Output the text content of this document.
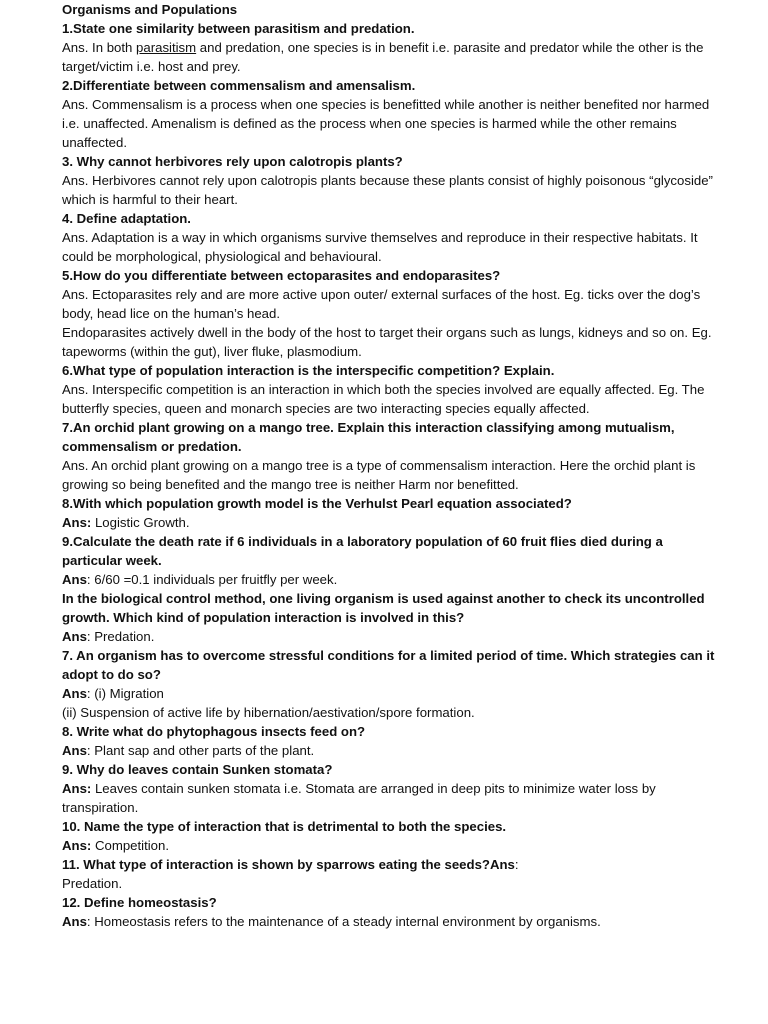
Organisms and Populations

1.State one similarity between parasitism and predation.

Ans. In both parasitism and predation, one species is in benefit i.e. parasite and predator while the other is the target/victim i.e. host and prey.

2.Differentiate between commensalism and amensalism.

Ans. Commensalism is a process when one species is benefitted while another is neither benefited nor harmed i.e. unaffected. Amenalism is defined as the process when one species is harmed while the other remains unaffected.

3. Why cannot herbivores rely upon calotropis plants?

Ans. Herbivores cannot rely upon calotropis plants because these plants consist of highly poisonous “glycoside” which is harmful to their heart.

4. Define adaptation.

Ans. Adaptation is a way in which organisms survive themselves and reproduce in their respective habitats. It could be morphological, physiological and behavioural.

5.How do you differentiate between ectoparasites and endoparasites?

Ans. Ectoparasites rely and are more active upon outer/ external surfaces of the host. Eg. ticks over the dog’s body, head lice on the human’s head.

Endoparasites actively dwell in the body of the host to target their organs such as lungs, kidneys and so on. Eg. tapeworms (within the gut), liver fluke, plasmodium.

6.What type of population interaction is the interspecific competition? Explain.

Ans. Interspecific competition is an interaction in which both the species involved are equally affected. Eg. The butterfly species, queen and monarch species are two interacting species equally affected.

7.An orchid plant growing on a mango tree. Explain this interaction classifying among mutualism, commensalism or predation.

Ans. An orchid plant growing on a mango tree is a type of commensalism interaction. Here the orchid plant is growing so being benefited and the mango tree is neither Harm nor benefitted.

8.With which population growth model is the Verhulst Pearl equation associated?

Ans: Logistic Growth.

9.Calculate the death rate if 6 individuals in a laboratory population of 60 fruit flies died during a particular week.

Ans: 6/60 =0.1 individuals per fruitfly per week.

In the biological control method, one living organism is used against another to check its uncontrolled growth. Which kind of population interaction is involved in this?

Ans: Predation.

7. An organism has to overcome stressful conditions for a limited period of time. Which strategies can it adopt to do so?

Ans: (i) Migration

(ii) Suspension of active life by hibernation/aestivation/spore formation.

8. Write what do phytophagous insects feed on?

Ans: Plant sap and other parts of the plant.

9. Why do leaves contain Sunken stomata?

Ans: Leaves contain sunken stomata i.e. Stomata are arranged in deep pits to minimize water loss by transpiration.

10. Name the type of interaction that is detrimental to both the species.

Ans: Competition.

11. What type of interaction is shown by sparrows eating the seeds?Ans:

Predation.

12. Define homeostasis?

Ans: Homeostasis refers to the maintenance of a steady internal environment by organisms.
